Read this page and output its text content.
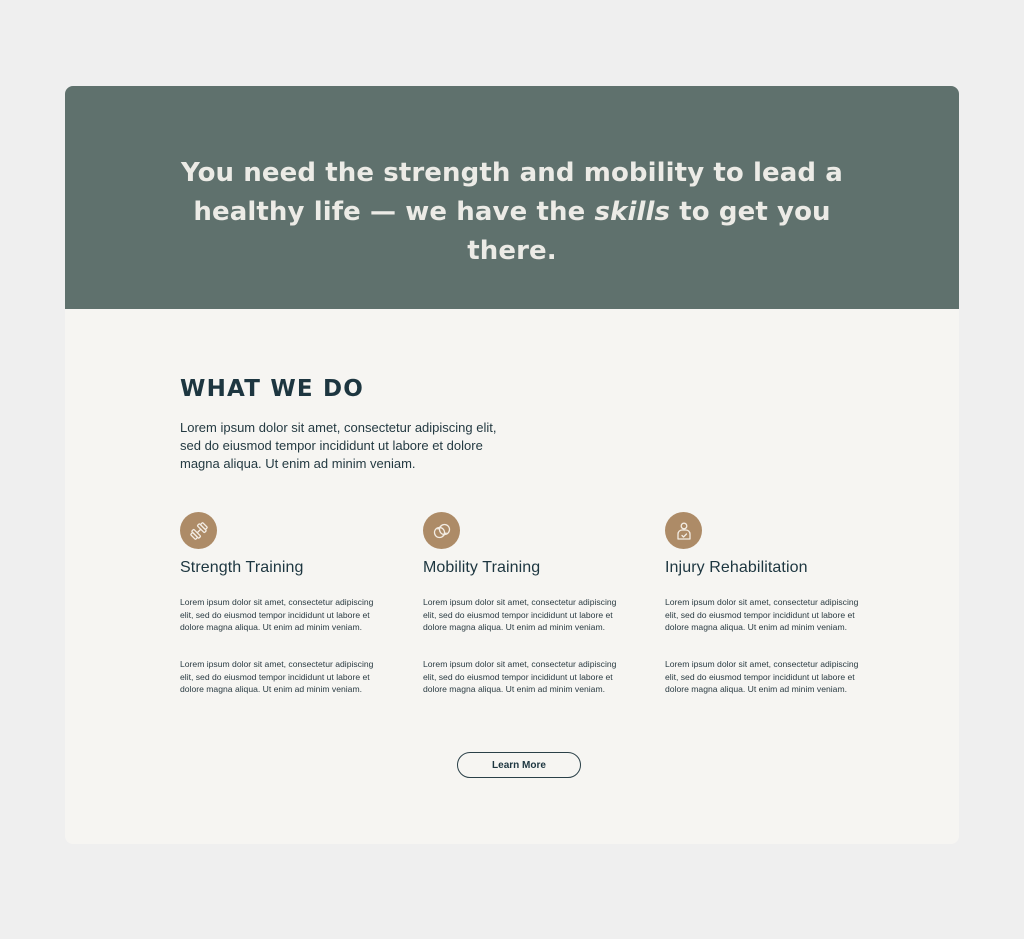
You need the strength and mobility to lead a
healthy life — we have the skills to get you there.
WHAT WE DO

Lorem ipsum dolor sit amet, consectetur adipiscing elit, sed do eiusmod tempor incididunt ut labore et dolore magna aliqua. Ut enim ad minim veniam.

Strength Training

Lorem ipsum dolor sit amet, consectetur adipiscing elit, sed do eiusmod tempor incididunt ut labore et dolore magna aliqua. Ut enim ad minim veniam.

Lorem ipsum dolor sit amet, consectetur adipiscing elit, sed do eiusmod tempor incididunt ut labore et dolore magna aliqua. Ut enim ad minim veniam.

Mobility Training

Lorem ipsum dolor sit amet, consectetur adipiscing elit, sed do eiusmod tempor incididunt ut labore et dolore magna aliqua. Ut enim ad minim veniam.

Lorem ipsum dolor sit amet, consectetur adipiscing elit, sed do eiusmod tempor incididunt ut labore et dolore magna aliqua. Ut enim ad minim veniam.

Injury Rehabilitation

Lorem ipsum dolor sit amet, consectetur adipiscing elit, sed do eiusmod tempor incididunt ut labore et dolore magna aliqua. Ut enim ad minim veniam.

Lorem ipsum dolor sit amet, consectetur adipiscing elit, sed do eiusmod tempor incididunt ut labore et dolore magna aliqua. Ut enim ad minim veniam.

Learn More
